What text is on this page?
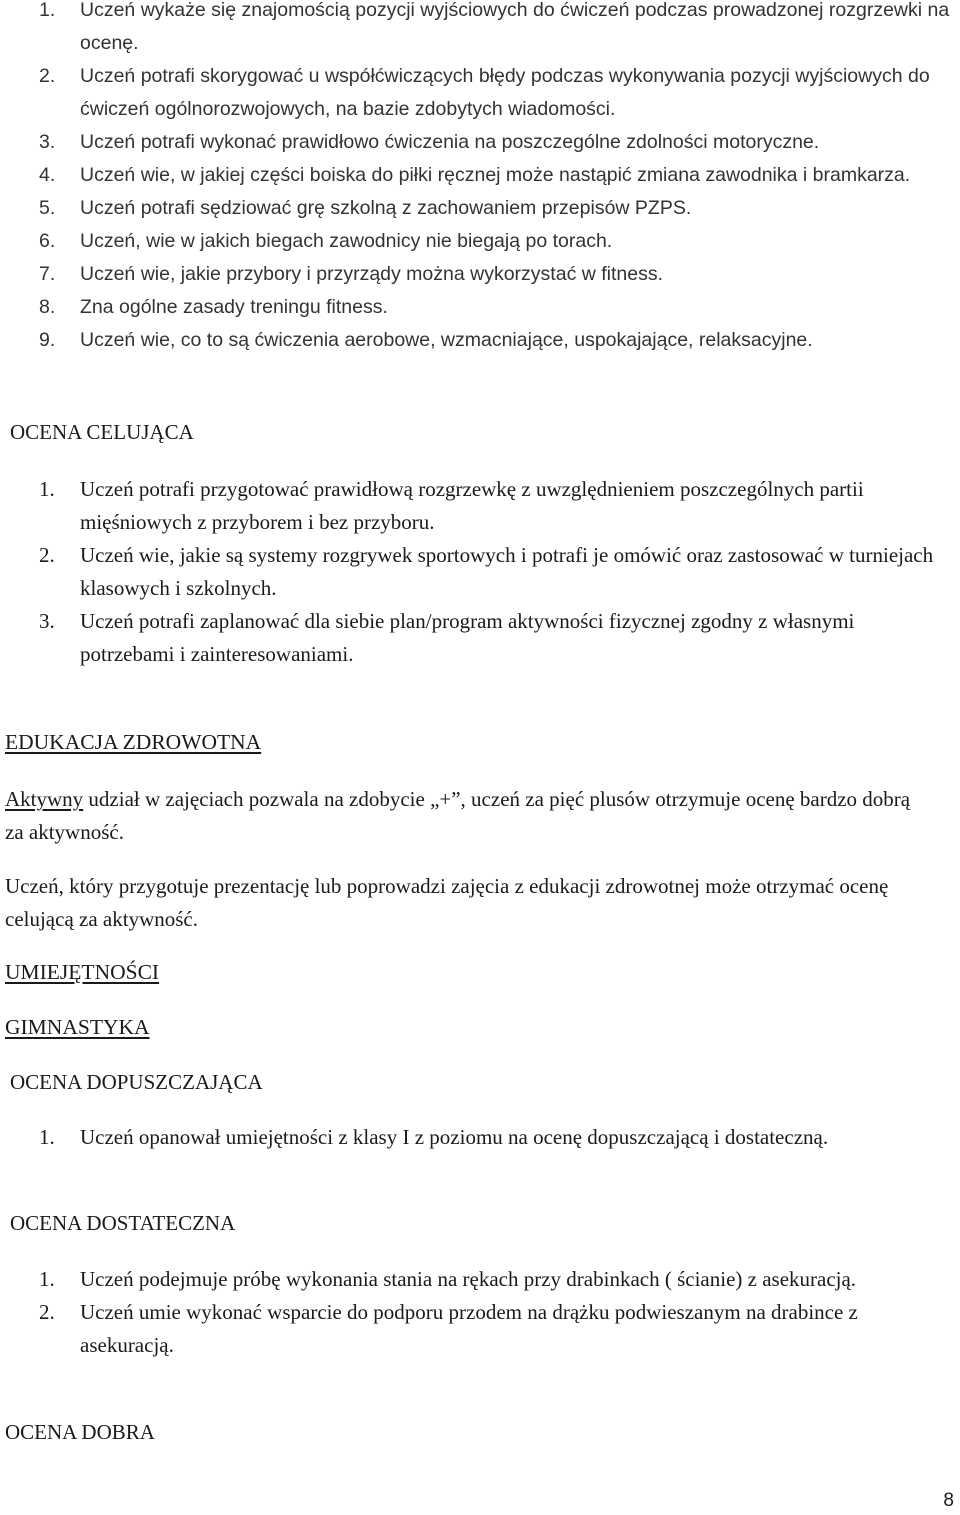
1.	Uczeń wykaże się znajomością pozycji wyjściowych do ćwiczeń podczas prowadzonej rozgrzewki na ocenę.
2.	Uczeń potrafi skorygować u współćwiczących błędy podczas wykonywania pozycji wyjściowych do ćwiczeń ogólnorozwojowych, na bazie zdobytych wiadomości.
3.	Uczeń potrafi wykonać prawidłowo ćwiczenia na poszczególne zdolności motoryczne.
4.	Uczeń wie, w jakiej części boiska do piłki ręcznej może nastąpić zmiana zawodnika i bramkarza.
5.	Uczeń potrafi sędziować grę szkolną z zachowaniem przepisów PZPS.
6.	Uczeń, wie w jakich biegach zawodnicy nie biegają po torach.
7.	Uczeń wie, jakie przybory i przyrządy można wykorzystać w fitness.
8.	Zna ogólne zasady treningu fitness.
9.	Uczeń wie, co to są ćwiczenia aerobowe, wzmacniające, uspokajające, relaksacyjne.
OCENA CELUJĄCA
1.	Uczeń potrafi przygotować prawidłową rozgrzewkę z uwzględnieniem poszczególnych partii mięśniowych z przyborem i bez przyboru.
2.	Uczeń wie, jakie są systemy rozgrywek sportowych i potrafi je omówić oraz zastosować w turniejach klasowych i szkolnych.
3.	Uczeń potrafi zaplanować dla siebie plan/program aktywności fizycznej zgodny z własnymi potrzebami i zainteresowaniami.
EDUKACJA ZDROWOTNA

Aktywny udział w zajęciach pozwala na zdobycie „+”, uczeń za pięć plusów otrzymuje ocenę bardzo dobrą za aktywność.

Uczeń, który przygotuje prezentację lub poprowadzi zajęcia z edukacji zdrowotnej może otrzymać ocenę celującą za aktywność.

UMIEJĘTNOŚCI
GIMNASTYKA
OCENA DOPUSZCZAJĄCA
1.	Uczeń opanował umiejętności z klasy I z poziomu na ocenę dopuszczającą i dostateczną.
OCENA DOSTATECZNA
1.	Uczeń podejmuje próbę wykonania stania na rękach przy drabinkach ( ścianie) z asekuracją.
2.	Uczeń umie wykonać wsparcie do podporu przodem na drążku podwieszanym na drabince z asekuracją.
OCENA DOBRA
8
